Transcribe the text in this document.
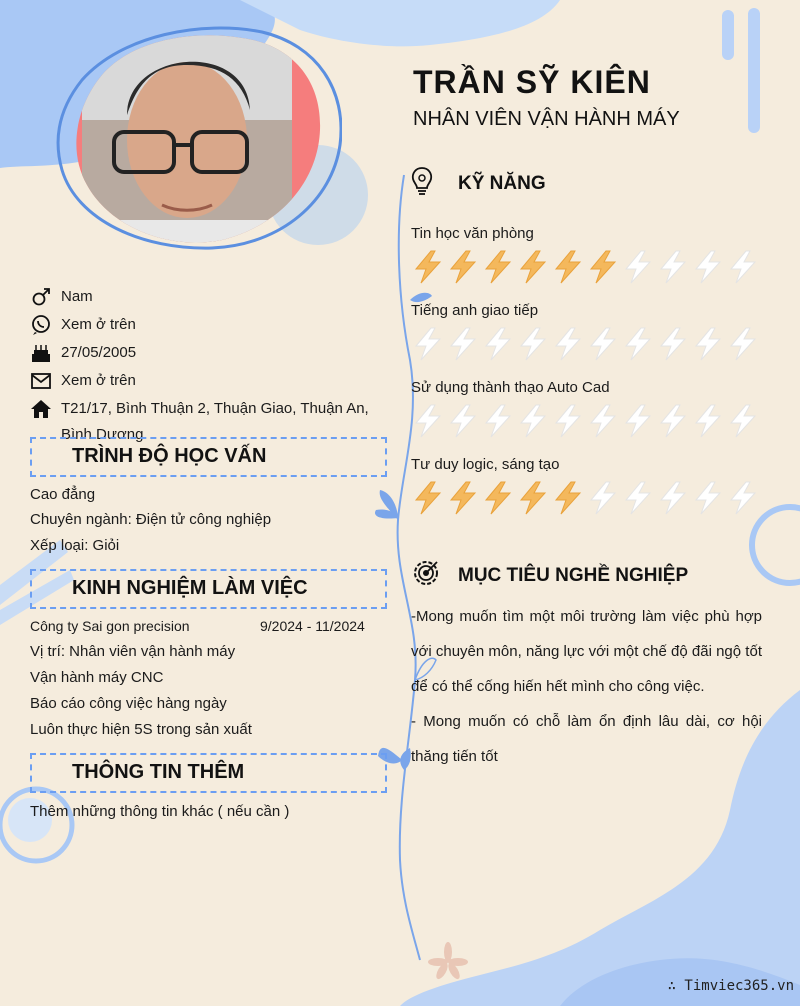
TRẦN SỸ KIÊN
NHÂN VIÊN VẬN HÀNH MÁY
Nam
Xem ở trên
27/05/2005
Xem ở trên
T21/17, Bình Thuận 2, Thuận Giao, Thuận An,
Bình Dương
TRÌNH ĐỘ HỌC VẤN
Cao đẳng
Chuyên ngành: Điện tử công nghiệp
Xếp loại: Giỏi
KINH NGHIỆM LÀM VIỆC
Công ty Sai gon precision	9/2024 - 11/2024
Vị trí: Nhân viên vận hành máy
Vận hành máy CNC
Báo cáo công việc hàng ngày
Luôn thực hiện 5S trong sản xuất
THÔNG TIN THÊM
Thêm những thông tin khác ( nếu cần )
KỸ NĂNG
Tin học văn phòng
Tiếng anh giao tiếp
Sử dụng thành thạo Auto Cad
Tư duy logic, sáng tạo
MỤC TIÊU NGHỀ NGHIỆP

-Mong muốn tìm một môi trường làm việc phù hợp với chuyên môn, năng lực với một chế độ đãi ngộ tốt để có thể cống hiến hết mình cho công việc.

- Mong muốn có chỗ làm ổn định lâu dài, cơ hội thăng tiến tốt

∴ Timviec365.vn
